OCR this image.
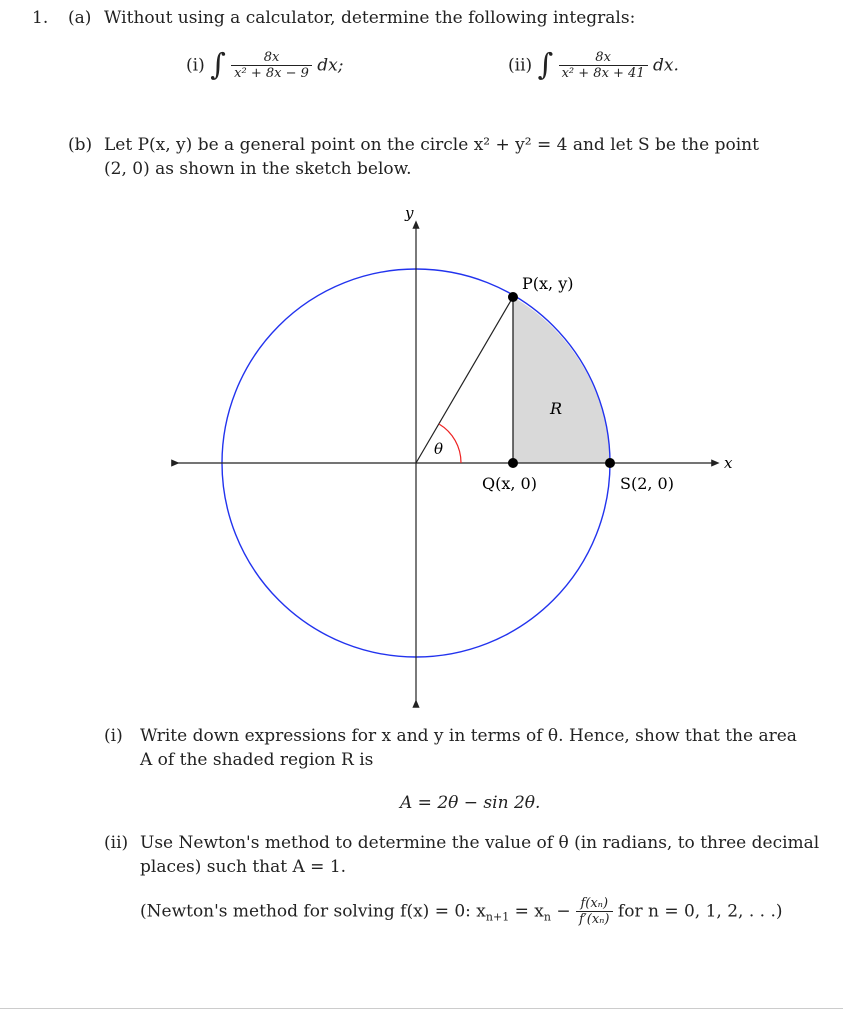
1. (a) Without using a calculator, determine the following integrals:
(i) ∫ $\frac{8x}{\text{x² + 8x − 9}}$ dx;	(ii) ∫ $\frac{8x}{\text{x² + 8x + 41}}$ dx.
(b) Let P(x, y) be a general point on the circle x² + y² = 4 and let S be the point
(2, 0) as shown in the sketch below.
y
x
P(x, y)
Q(x, 0)	S(2, 0)
R
θ
(i) Write down expressions for x and y in terms of θ. Hence, show that the area
A of the shaded region R is
A = 2θ − sin 2θ.
(ii) Use Newton's method to determine the value of θ (in radians, to three decimal
places) such that A = 1.
(Newton's method for solving f(x) = 0: $x_{n+1} = x_n - \frac{\text{f(xₙ)}}{\text{f′(xₙ)}}$ for n = 0, 1, 2, . . .)
